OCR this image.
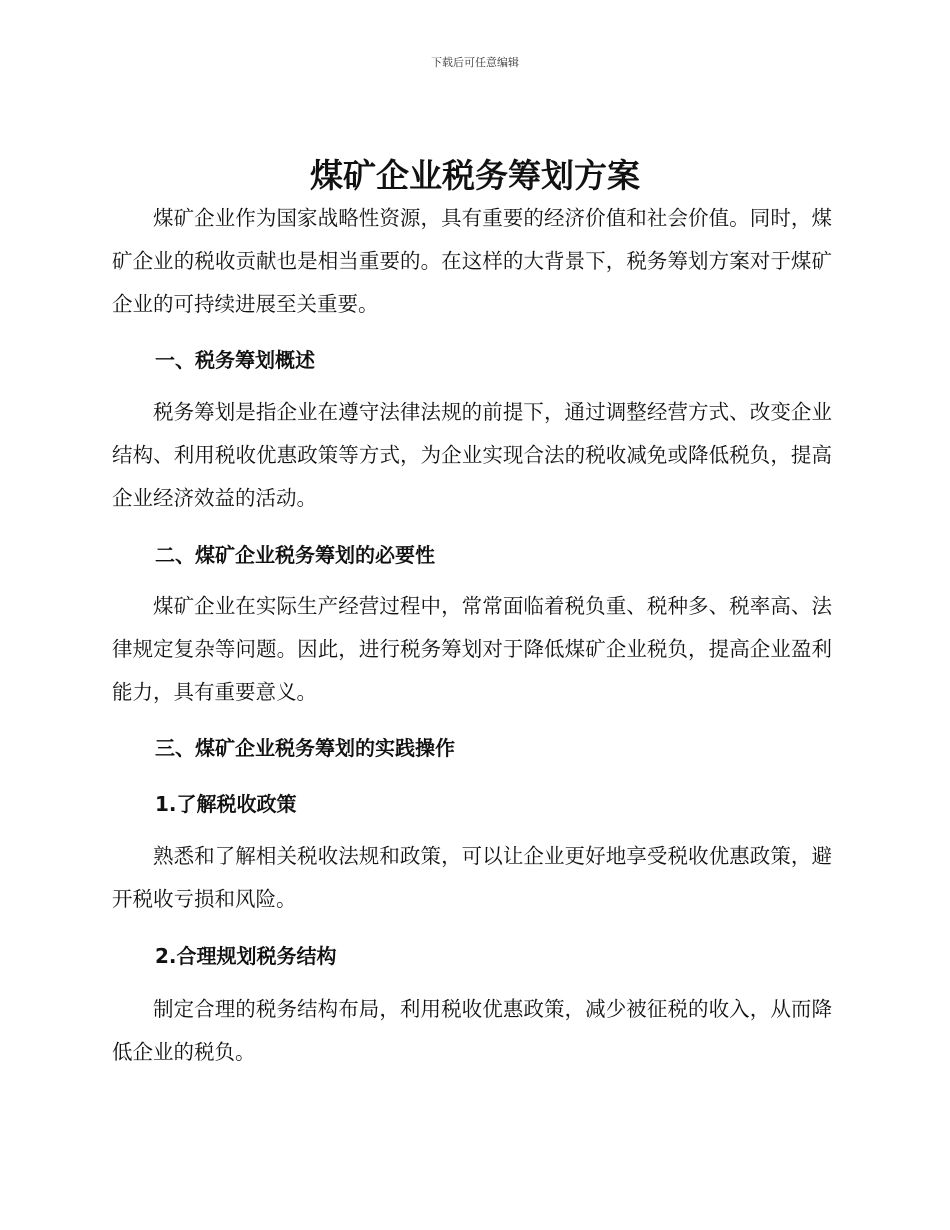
下载后可任意编辑
煤矿企业税务筹划方案

煤矿企业作为国家战略性资源，具有重要的经济价值和社会价值。同时，煤矿企业的税收贡献也是相当重要的。在这样的大背景下，税务筹划方案对于煤矿企业的可持续进展至关重要。

一、税务筹划概述

税务筹划是指企业在遵守法律法规的前提下，通过调整经营方式、改变企业结构、利用税收优惠政策等方式，为企业实现合法的税收减免或降低税负，提高企业经济效益的活动。

二、煤矿企业税务筹划的必要性

煤矿企业在实际生产经营过程中，常常面临着税负重、税种多、税率高、法律规定复杂等问题。因此，进行税务筹划对于降低煤矿企业税负，提高企业盈利能力，具有重要意义。

三、煤矿企业税务筹划的实践操作
1.了解税收政策

熟悉和了解相关税收法规和政策，可以让企业更好地享受税收优惠政策，避开税收亏损和风险。

2.合理规划税务结构

制定合理的税务结构布局，利用税收优惠政策，减少被征税的收入，从而降低企业的税负。
